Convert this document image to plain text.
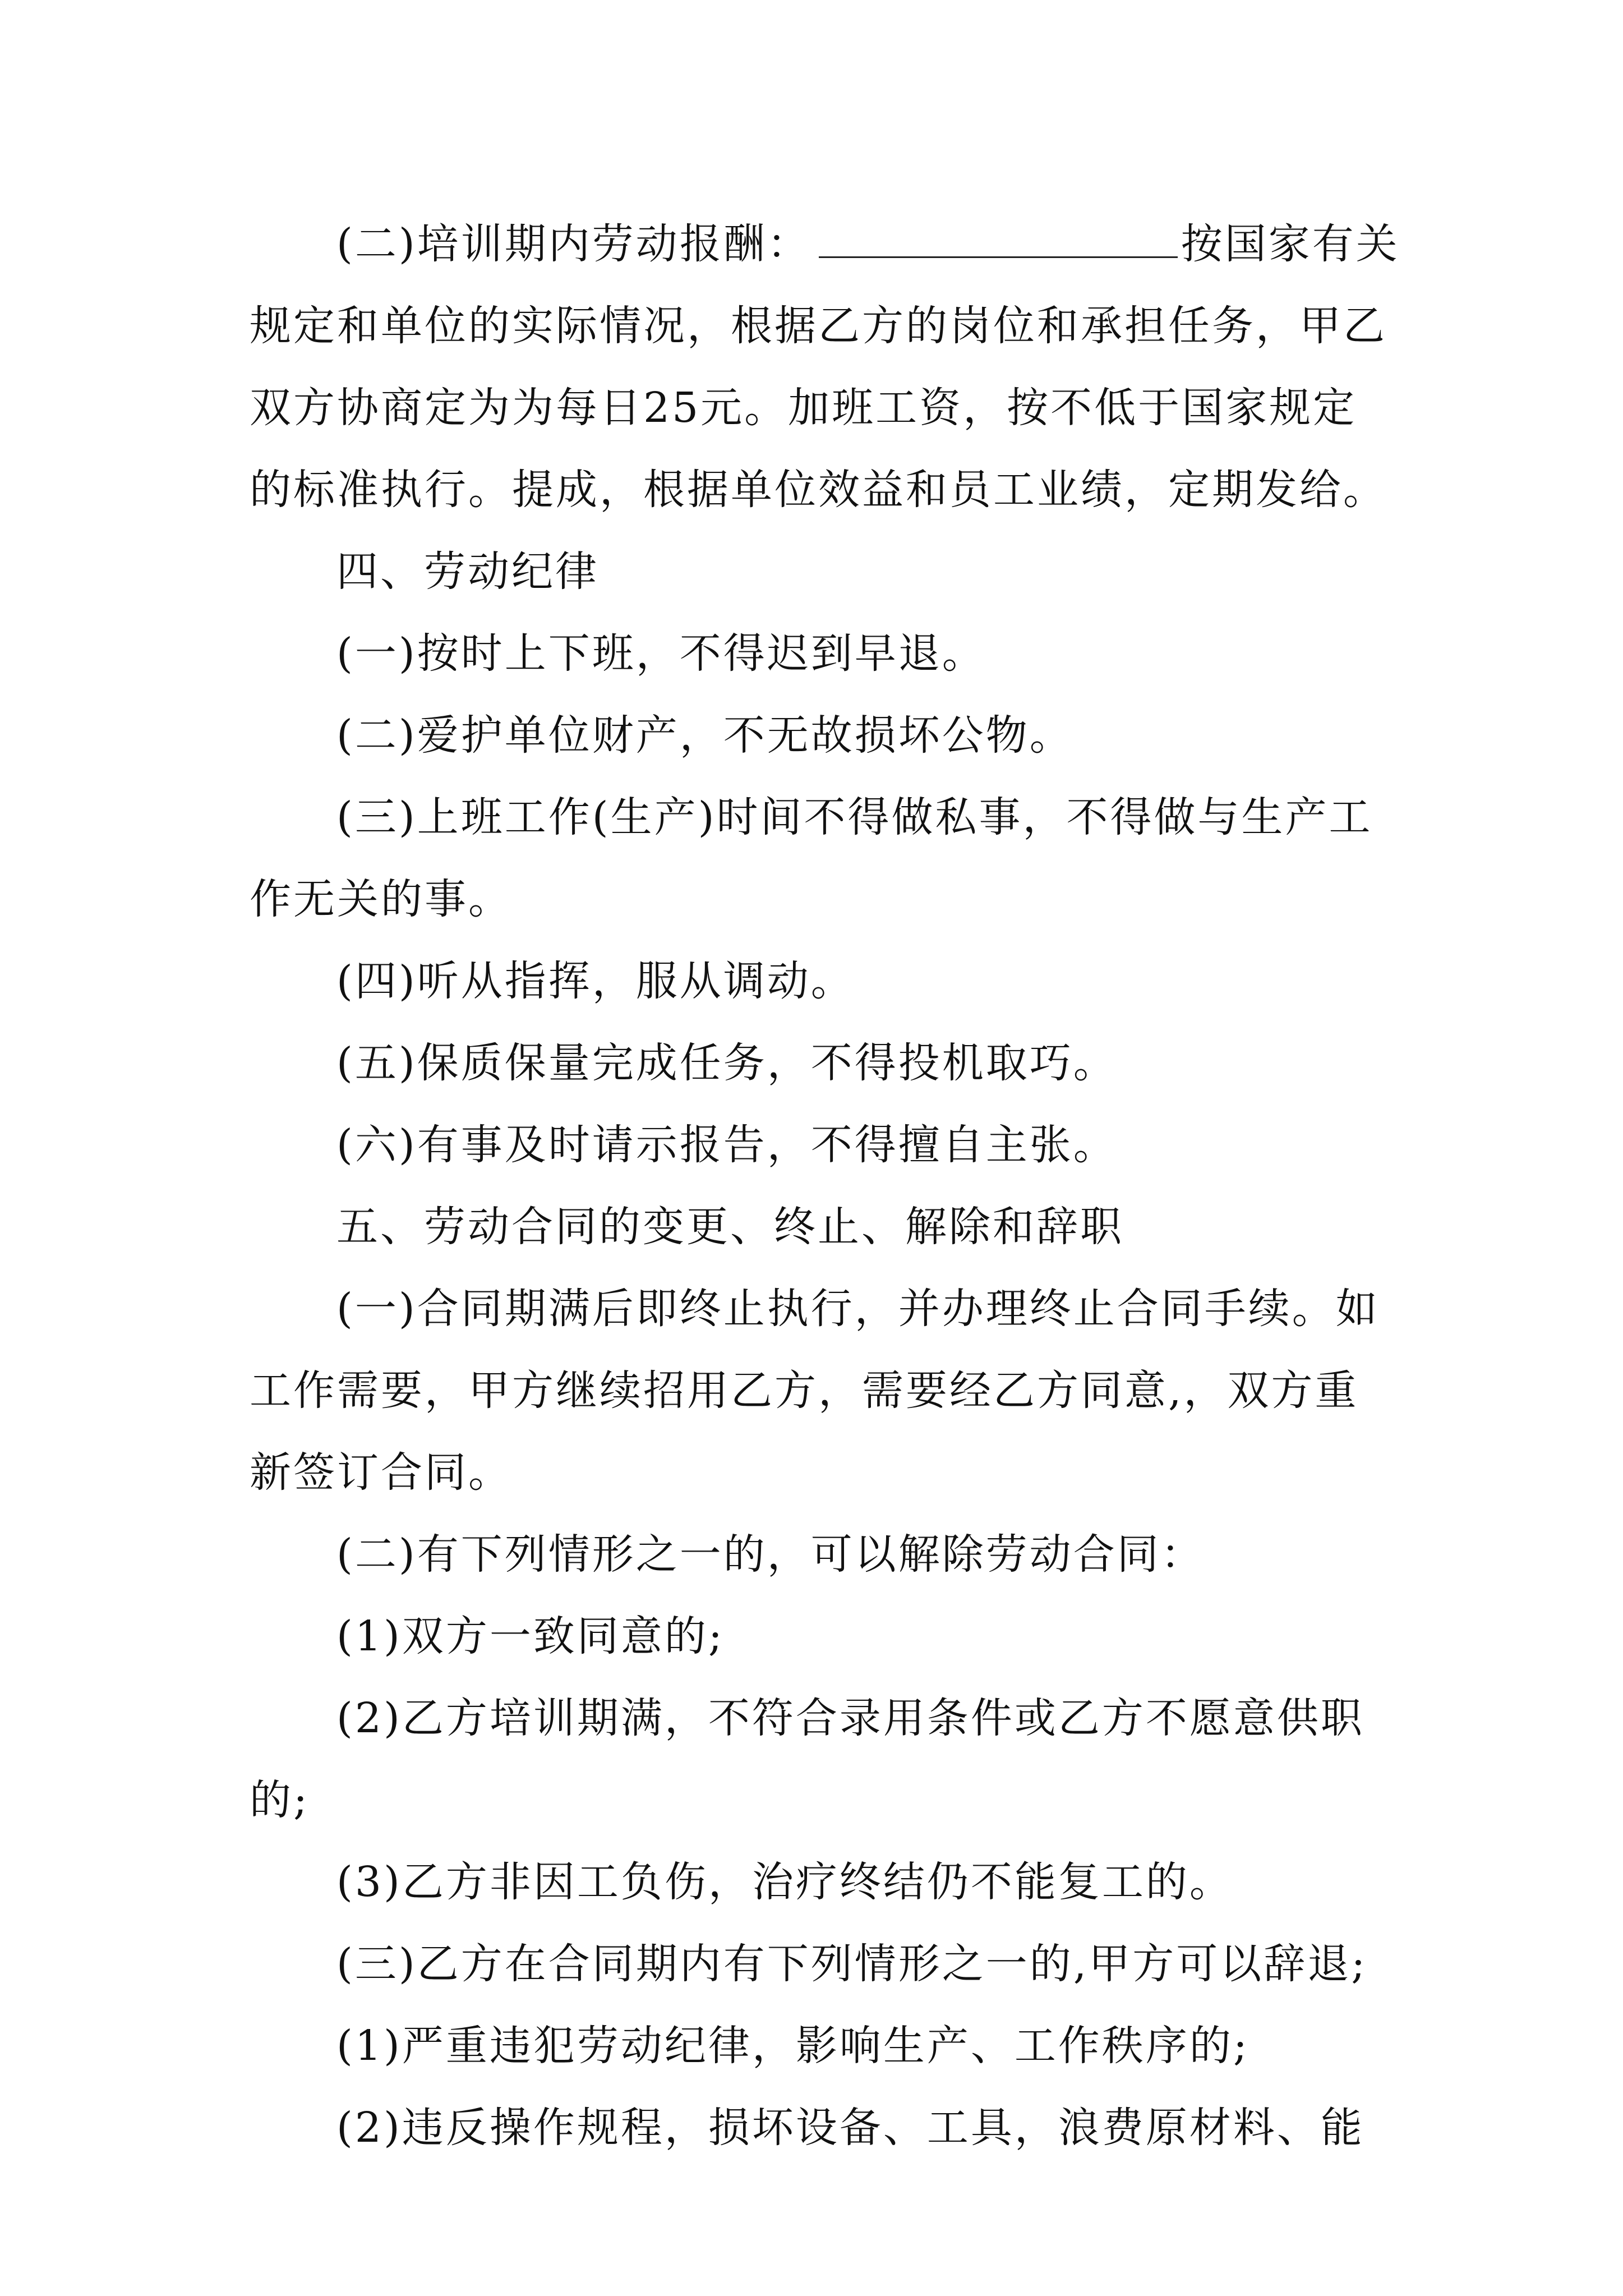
(二)培训期内劳动报酬：	按国家有关
规定和单位的实际情况，根据乙方的岗位和承担任务，甲乙
双方协商定为为每日25元。加班工资，按不低于国家规定
的标准执行。提成，根据单位效益和员工业绩，定期发给。
四、劳动纪律
(一)按时上下班，不得迟到早退。
(二)爱护单位财产，不无故损坏公物。
(三)上班工作(生产)时间不得做私事，不得做与生产工
作无关的事。
(四)听从指挥，服从调动。
(五)保质保量完成任务，不得投机取巧。
(六)有事及时请示报告，不得擅自主张。
五、劳动合同的变更、终止、解除和辞职
(一)合同期满后即终止执行，并办理终止合同手续。如
工作需要，甲方继续招用乙方，需要经乙方同意,，双方重
新签订合同。
(二)有下列情形之一的，可以解除劳动合同：
(1)双方一致同意的;
(2)乙方培训期满，不符合录用条件或乙方不愿意供职
的;
(3)乙方非因工负伤，治疗终结仍不能复工的。
(三)乙方在合同期内有下列情形之一的,甲方可以辞退;
(1)严重违犯劳动纪律，影响生产、工作秩序的;
(2)违反操作规程，损坏设备、工具，浪费原材料、能
